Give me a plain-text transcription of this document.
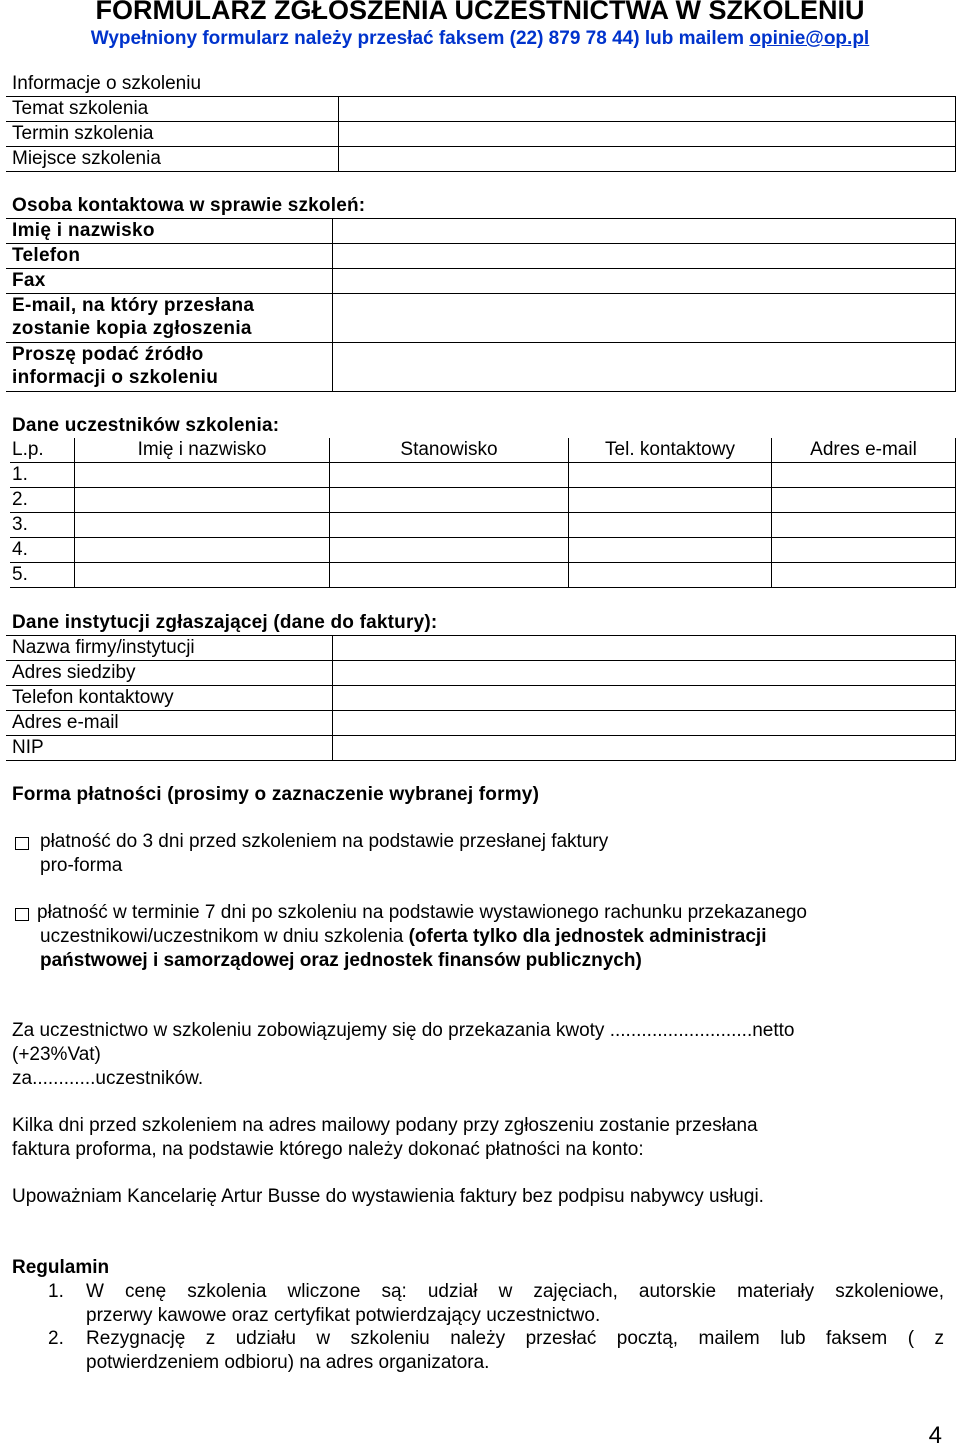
FORMULARZ ZGŁOSZENIA UCZESTNICTWA W SZKOLENIU
Wypełniony formularz należy przesłać faksem (22) 879 78 44) lub mailem opinie@op.pl
Informacje o szkoleniu
Temat szkolenia	
Termin szkolenia	
Miejsce szkolenia	
Osoba kontaktowa w sprawie szkoleń:
Imię i nazwisko	
Telefon	
Fax	

E-mail, na który przesłana
zostanie kopia zgłoszenia	

Proszę podać źródło
informacji o szkoleniu	

Dane uczestników szkolenia:
L.p.	Imię i nazwisko	Stanowisko	Tel. kontaktowy	Adres e-mail
1.				
2.				
3.				
4.				
5.				
Dane instytucji zgłaszającej (dane do faktury):
Nazwa firmy/instytucji	
Adres siedziby	
Telefon kontaktowy	
Adres e-mail	
NIP	
Forma płatności (prosimy o zaznaczenie wybranej formy)
płatność do 3 dni przed szkoleniem na podstawie przesłanej faktury
pro-forma
płatność w terminie 7 dni po szkoleniu na podstawie wystawionego rachunku przekazanego
uczestnikowi/uczestnikom w dniu szkolenia (oferta tylko dla jednostek administracji
państwowej i samorządowej oraz jednostek finansów publicznych)
Za uczestnictwo w szkoleniu zobowiązujemy się do przekazania kwoty ...........................netto
(+23%Vat)
za............uczestników.
Kilka dni przed szkoleniem na adres mailowy podany przy zgłoszeniu zostanie przesłana
faktura proforma, na podstawie którego należy dokonać płatności na konto:
Upoważniam Kancelarię Artur Busse do wystawienia faktury bez podpisu nabywcy usługi.
Regulamin
1. W cenę szkolenia wliczone są: udział w zajęciach, autorskie materiały szkoleniowe,
przerwy kawowe oraz certyfikat potwierdzający uczestnictwo.
2. Rezygnację z udziału w szkoleniu należy przesłać pocztą, mailem lub faksem ( z
potwierdzeniem odbioru) na adres organizatora.
4
